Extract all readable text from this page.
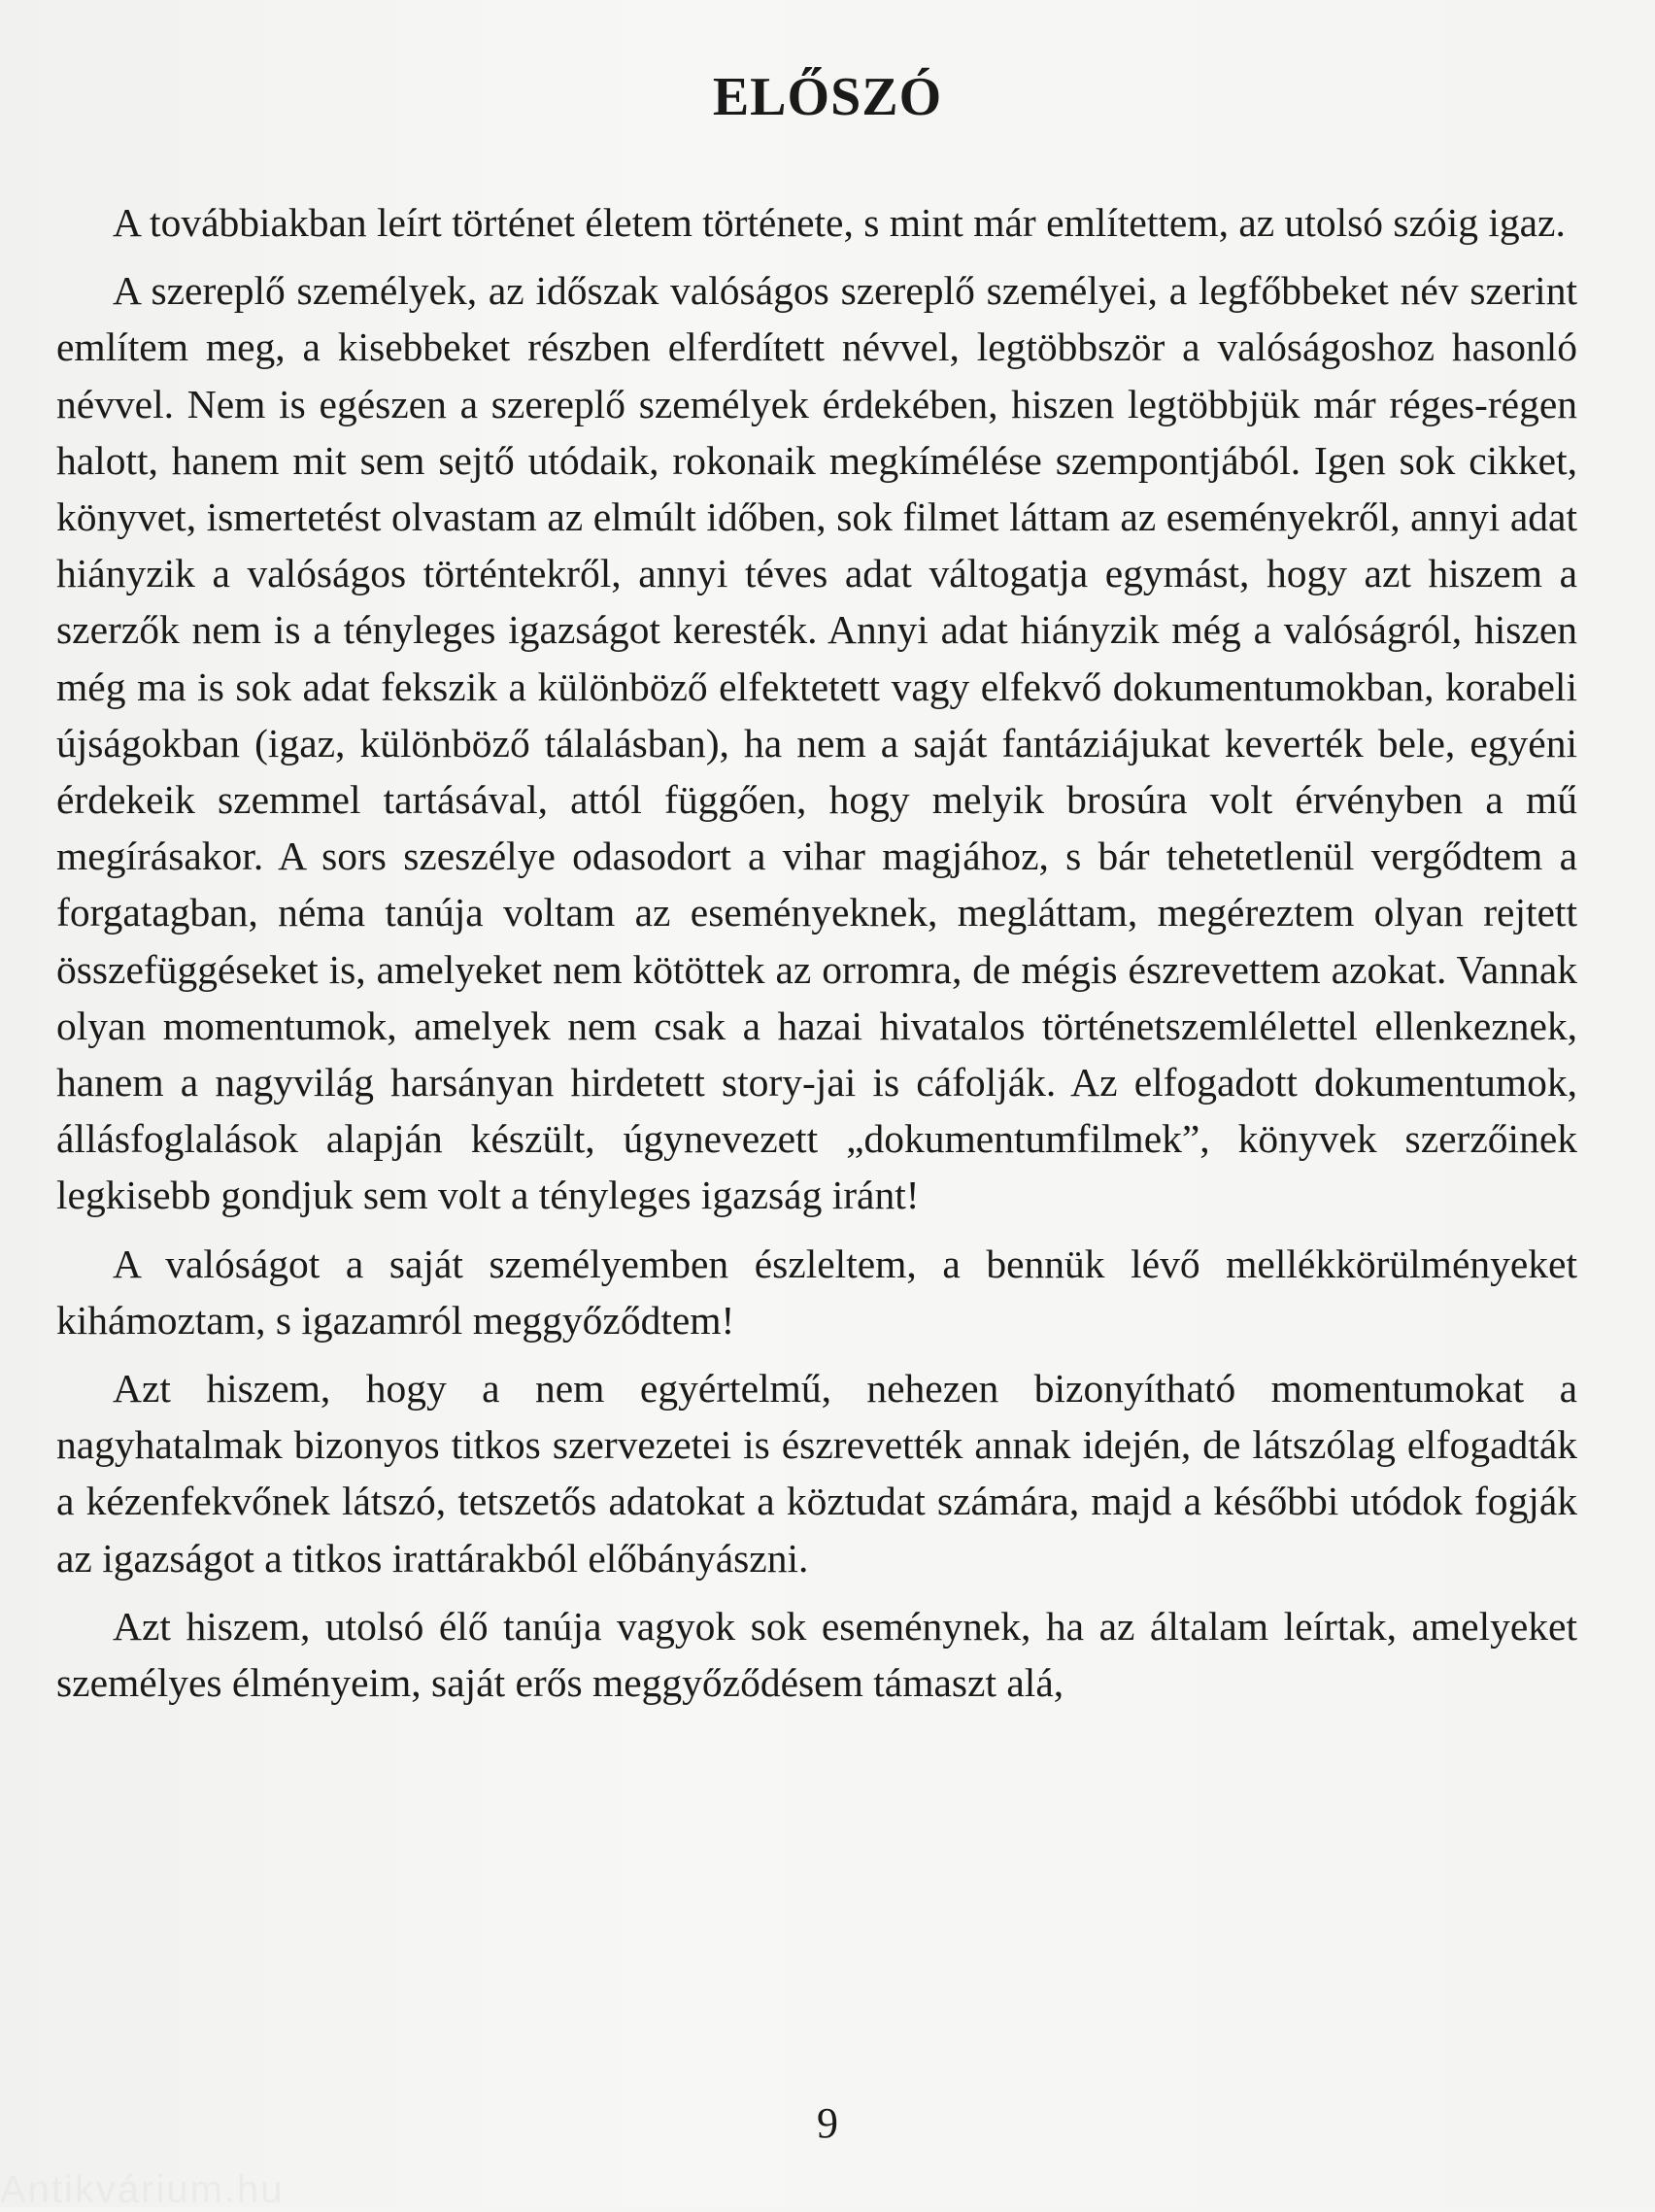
ELŐSZÓ

A továbbiakban leírt történet életem története, s mint már említettem, az utolsó szóig igaz.

A szereplő személyek, az időszak valóságos szereplő személyei, a legfőbbeket név szerint említem meg, a kisebbeket részben elferdített névvel, legtöbbször a valóságoshoz hasonló névvel. Nem is egészen a szereplő személyek érdekében, hiszen legtöbbjük már réges-régen halott, hanem mit sem sejtő utódaik, rokonaik megkímélése szempontjából. Igen sok cikket, könyvet, ismertetést olvastam az elmúlt időben, sok filmet láttam az eseményekről, annyi adat hiányzik a valóságos történtekről, annyi téves adat váltogatja egymást, hogy azt hiszem a szerzők nem is a tényleges igazságot keresték. Annyi adat hiányzik még a valóságról, hiszen még ma is sok adat fekszik a különböző elfektetett vagy elfekvő dokumentumokban, korabeli újságokban (igaz, különböző tálalásban), ha nem a saját fantáziájukat keverték bele, egyéni érdekeik szemmel tartásával, attól függően, hogy melyik brosúra volt érvényben a mű megírásakor. A sors szeszélye odasodort a vihar magjához, s bár tehetetlenül vergődtem a forgatagban, néma tanúja voltam az eseményeknek, megláttam, megéreztem olyan rejtett összefüggéseket is, amelyeket nem kötöttek az orromra, de mégis észrevettem azokat. Vannak olyan momentumok, amelyek nem csak a hazai hivatalos történetszemlélettel ellenkeznek, hanem a nagyvilág harsányan hirdetett story-jai is cáfolják. Az elfogadott dokumentumok, állásfoglalások alapján készült, úgynevezett „dokumentumfilmek”, könyvek szerzőinek legkisebb gondjuk sem volt a tényleges igazság iránt!

A valóságot a saját személyemben észleltem, a bennük lévő mellékkörülményeket kihámoztam, s igazamról meggyőződtem!

Azt hiszem, hogy a nem egyértelmű, nehezen bizonyítható momentumokat a nagyhatalmak bizonyos titkos szervezetei is észrevették annak idején, de látszólag elfogadták a kézenfekvőnek látszó, tetszetős adatokat a köztudat számára, majd a későbbi utódok fogják az igazságot a titkos irattárakból előbányászni.

Azt hiszem, utolsó élő tanúja vagyok sok eseménynek, ha az általam leírtak, amelyeket személyes élményeim, saját erős meggyőződésem támaszt alá,

9
Antikvárium.hu
